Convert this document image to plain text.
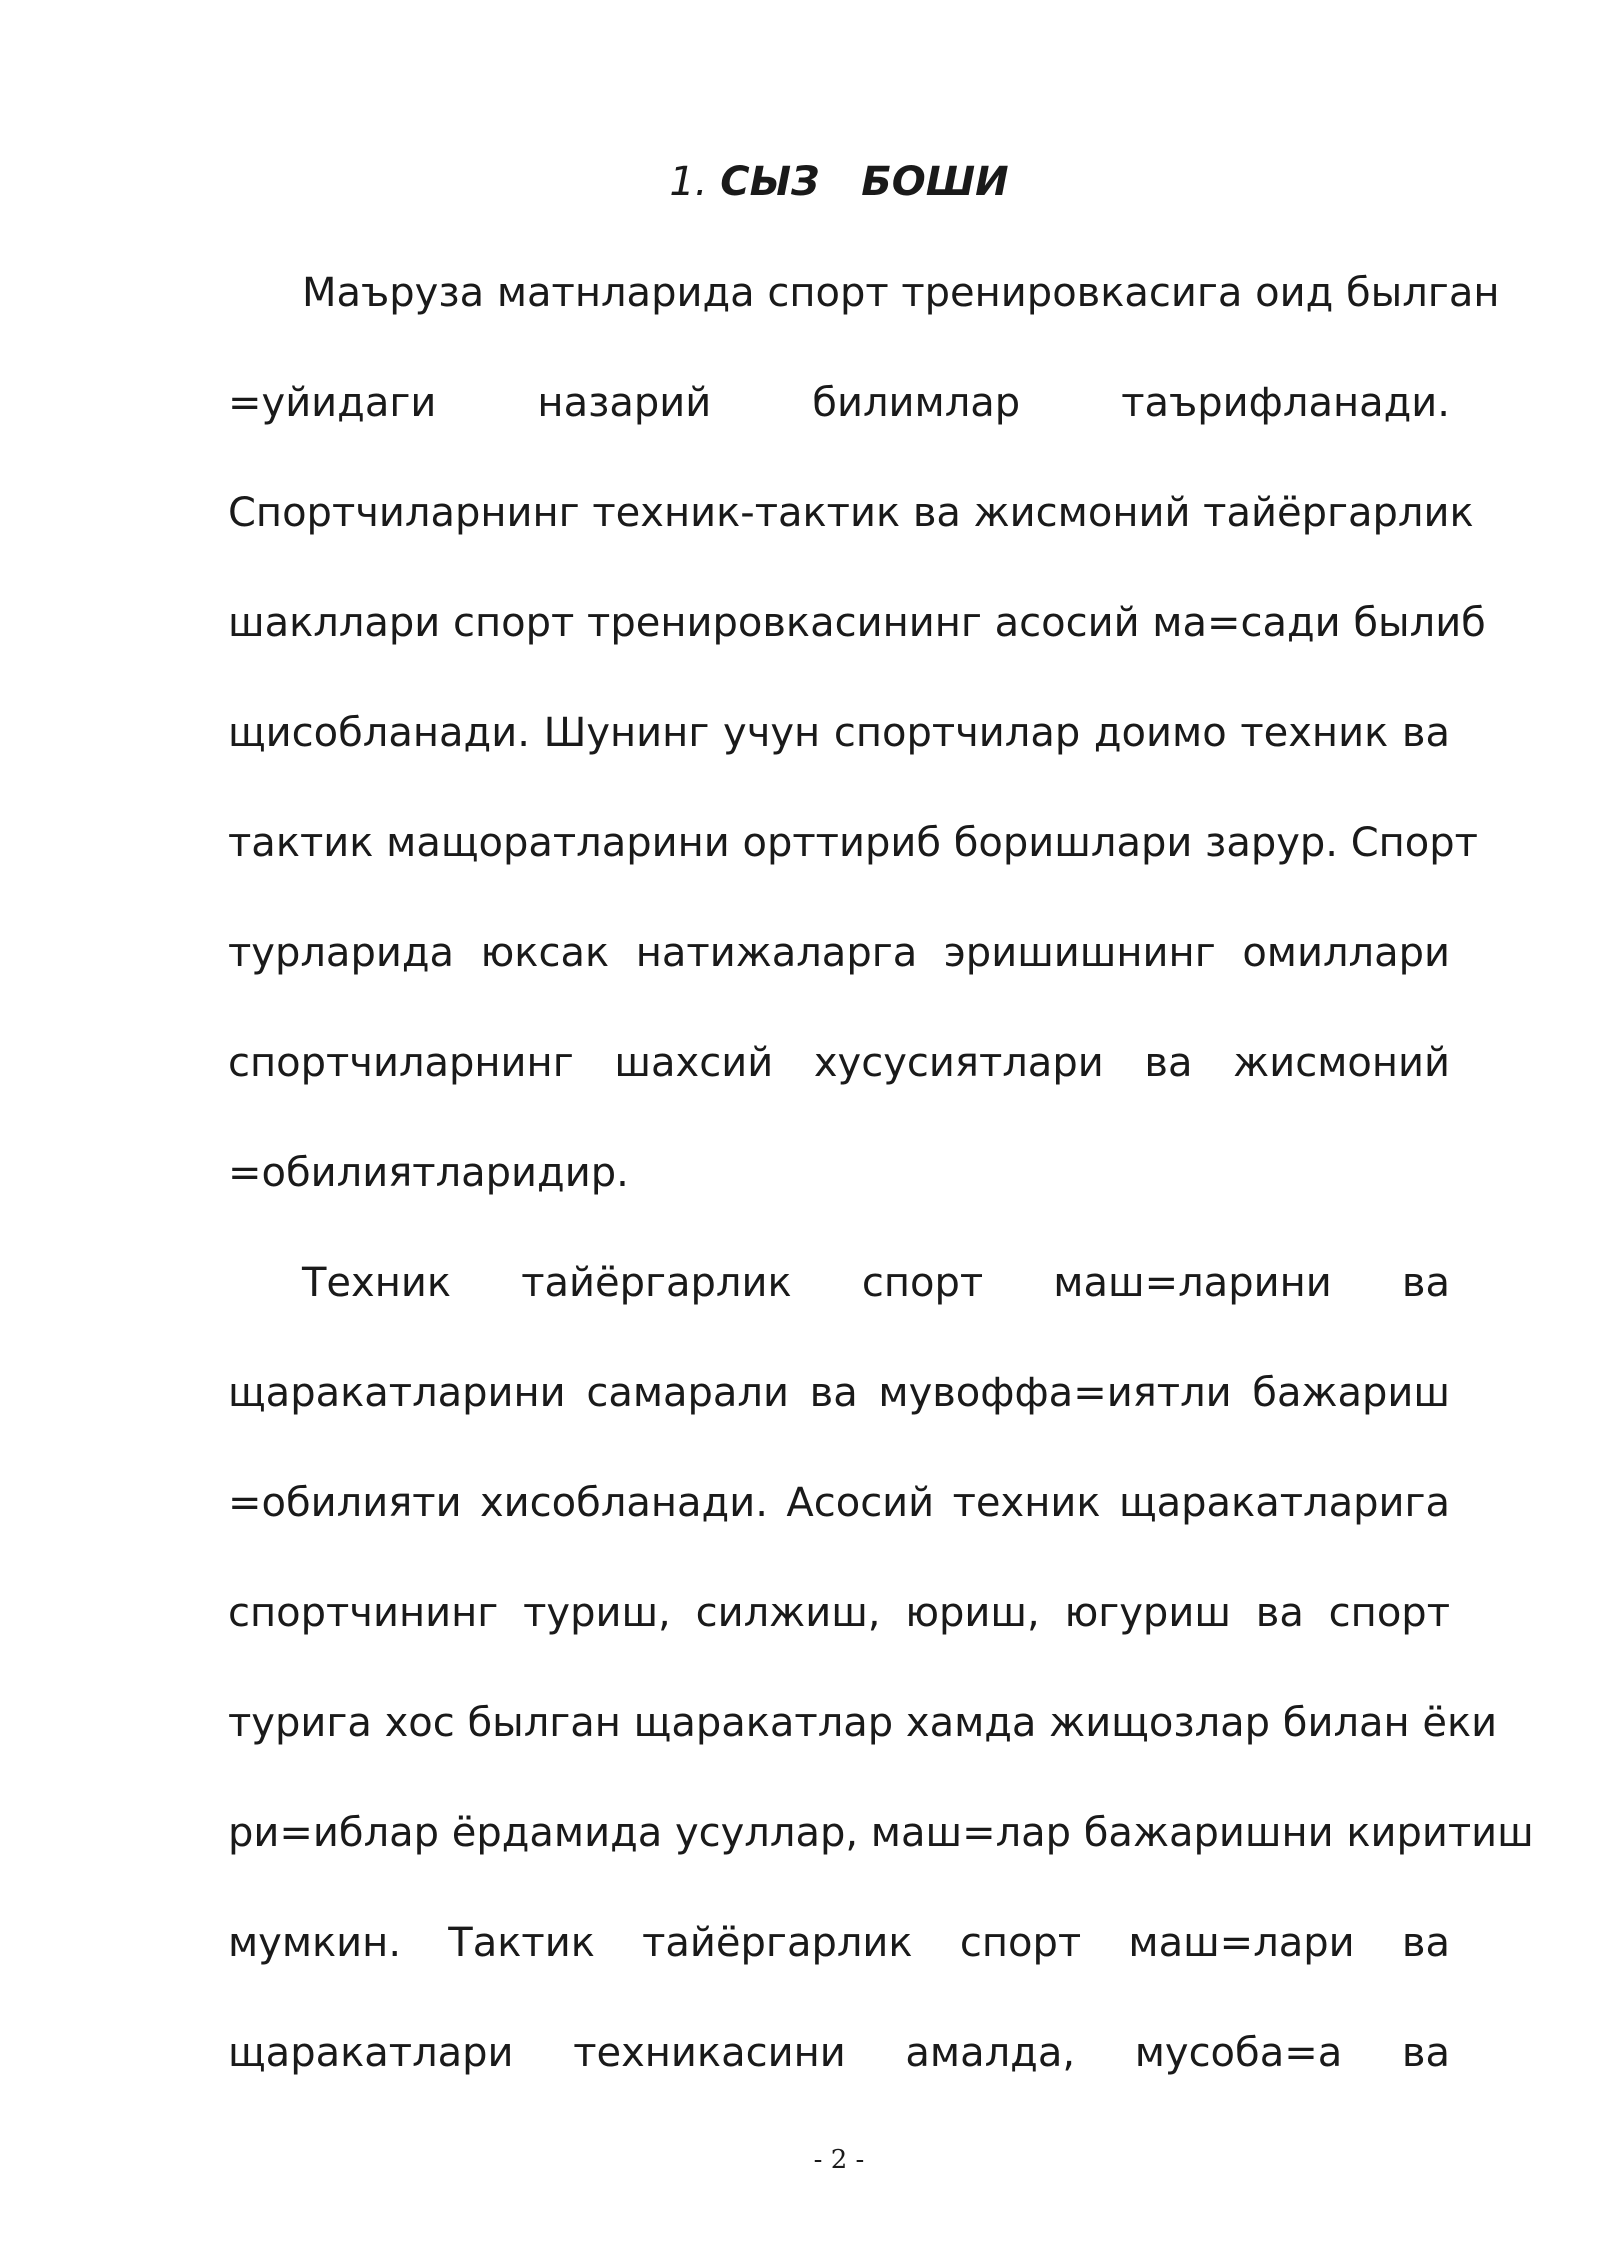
1. СЫЗ   БОШИ
Маъруза матнларида спорт тренировкасига оид былган
=уйидаги назарий билимлар таърифланади.
Спортчиларнинг техник-тактик ва жисмоний тайёргарлик
шакллари спорт тренировкасининг асосий ма=сади былиб
щисобланади. Шунинг учун спортчилар доимо техник ва
тактик мащоратларини орттириб боришлари зарур. Спорт
турларида юксак натижаларга эришишнинг омиллари
спортчиларнинг шахсий хусусиятлари ва жисмоний
=обилиятларидир.
Техник тайёргарлик спорт маш=ларини ва
щаракатларини самарали ва мувоффа=иятли бажариш
=обилияти хисобланади. Асосий техник щаракатларига
спортчининг туриш, силжиш, юриш, югуриш ва спорт
турига хос былган щаракатлар хамда жищозлар билан ёки
ри=иблар ёрдамида усуллар, маш=лар бажаришни киритиш
мумкин. Тактик тайёргарлик спорт маш=лари ва
щаракатлари техникасини амалда, мусоба=а ва
- 2 -
